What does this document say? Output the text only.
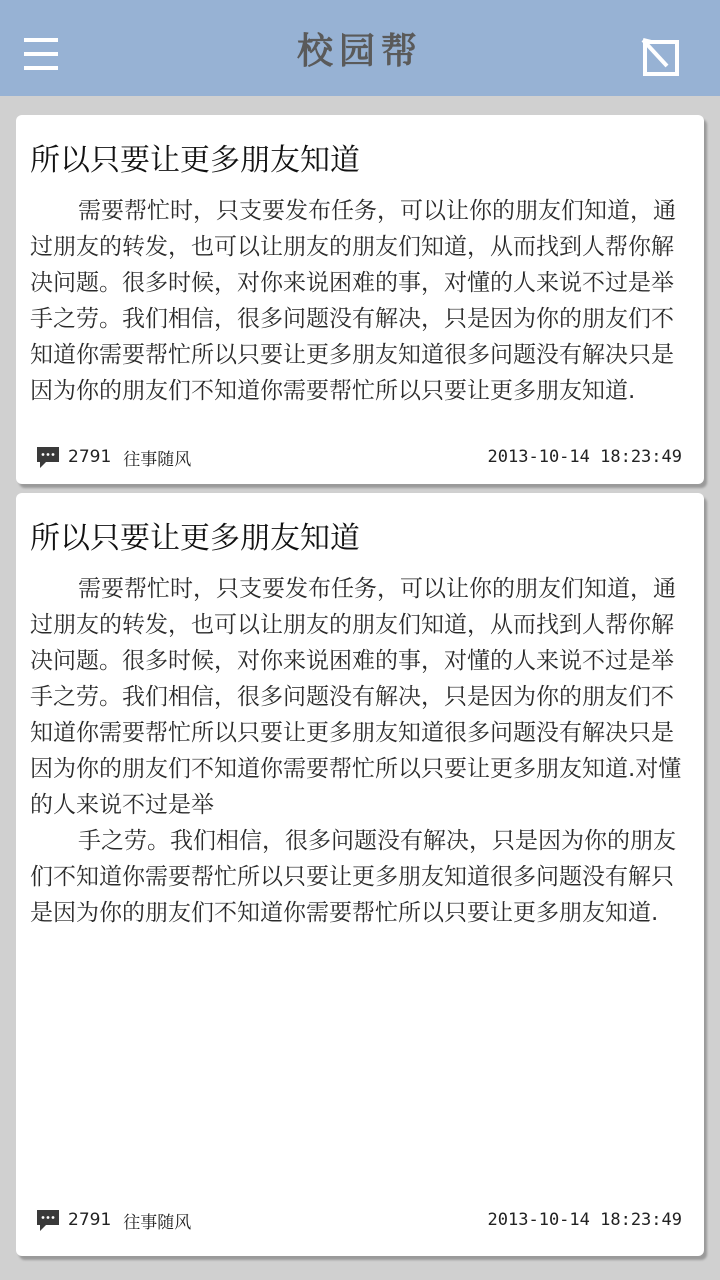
校园帮
所以只要让更多朋友知道

需要帮忙时，只支要发布任务，可以让你的朋友们知道，通过朋友的转发，也可以让朋友的朋友们知道，从而找到人帮你解决问题。很多时候，对你来说困难的事，对懂的人来说不过是举手之劳。我们相信，很多问题没有解决，只是因为你的朋友们不知道你需要帮忙所以只要让更多朋友知道很多问题没有解决只是因为你的朋友们不知道你需要帮忙所以只要让更多朋友知道.

2791 往事随风	2013-10-14 18:23:49
所以只要让更多朋友知道

需要帮忙时，只支要发布任务，可以让你的朋友们知道，通过朋友的转发，也可以让朋友的朋友们知道，从而找到人帮你解决问题。很多时候，对你来说困难的事，对懂的人来说不过是举手之劳。我们相信，很多问题没有解决，只是因为你的朋友们不知道你需要帮忙所以只要让更多朋友知道很多问题没有解决只是因为你的朋友们不知道你需要帮忙所以只要让更多朋友知道.对懂的人来说不过是举

手之劳。我们相信，很多问题没有解决，只是因为你的朋友们不知道你需要帮忙所以只要让更多朋友知道很多问题没有解只是因为你的朋友们不知道你需要帮忙所以只要让更多朋友知道.

2791 往事随风	2013-10-14 18:23:49
